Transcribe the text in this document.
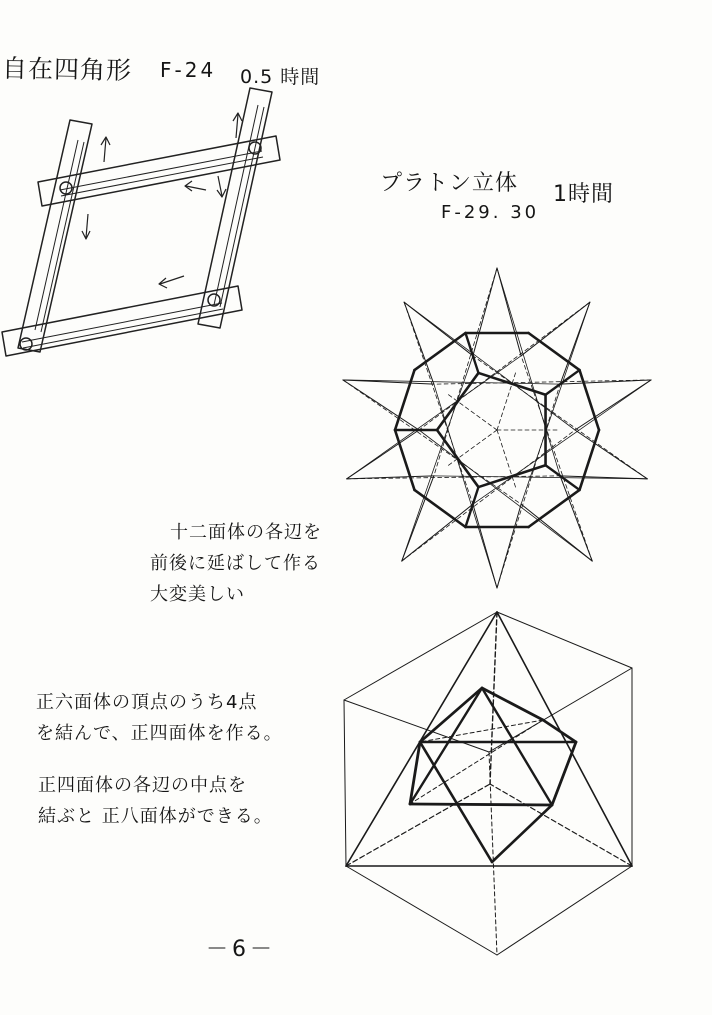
自在四角形 F-24 0.5 時間
プラトン立体 1時間
F-29. 30
十二面体の各辺を
前後に延ばして作る
大変美しい
正六面体の頂点のうち4点
を結んで、正四面体を作る。
正四面体の各辺の中点を
結ぶと 正八面体ができる。
－6－
